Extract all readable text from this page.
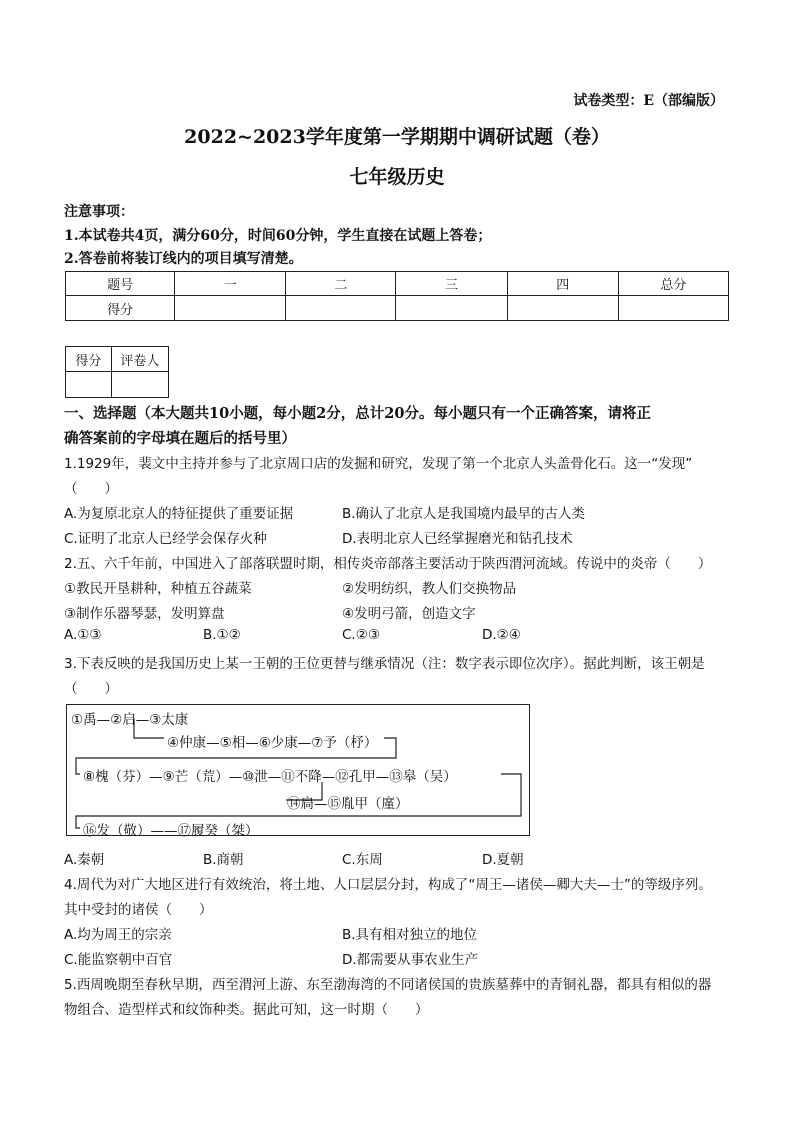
试卷类型：E（部编版）
2022~2023学年度第一学期期中调研试题（卷）
七年级历史
注意事项：
1.本试卷共4页，满分60分，时间60分钟，学生直接在试题上答卷；
2.答卷前将装订线内的项目填写清楚。
题号	一	二	三	四	总分
得分					
得分	评卷人

一、选择题（本大题共10小题，每小题2分，总计20分。每小题只有一个正确答案，请将正
确答案前的字母填在题后的括号里）
1.1929年，裴文中主持并参与了北京周口店的发掘和研究，发现了第一个北京人头盖骨化石。这一“发现”
（　　）
A.为复原北京人的特征提供了重要证据	B.确认了北京人是我国境内最早的古人类
C.证明了北京人已经学会保存火种	D.表明北京人已经掌握磨光和钻孔技术
2.五、六千年前，中国进入了部落联盟时期，相传炎帝部落主要活动于陕西渭河流域。传说中的炎帝（　　）
①教民开垦耕种，种植五谷蔬菜	②发明纺织，教人们交换物品
③制作乐器琴瑟，发明算盘	④发明弓箭，创造文字
A.①③	B.①②	C.②③	D.②④
3.下表反映的是我国历史上某一王朝的王位更替与继承情况（注：数字表示即位次序）。据此判断，该王朝是
（　　）
①禹—②启—③太康
④仲康—⑤相—⑥少康—⑦予（杼）
⑧槐（芬）—⑨芒（荒）—⑩泄—⑪不降—⑫孔甲—⑬皋（吴）
⑭扃—⑮胤甲（廑）
⑯发（敬）——⑰履癸（桀）
A.秦朝	B.商朝	C.东周	D.夏朝
4.周代为对广大地区进行有效统治，将土地、人口层层分封，构成了“周王—诸侯—卿大夫—士”的等级序列。
其中受封的诸侯（　　）
A.均为周王的宗亲	B.具有相对独立的地位
C.能监察朝中百官	D.都需要从事农业生产
5.西周晚期至春秋早期，西至渭河上游、东至渤海湾的不同诸侯国的贵族墓葬中的青铜礼器，都具有相似的器
物组合、造型样式和纹饰种类。据此可知，这一时期（　　）
